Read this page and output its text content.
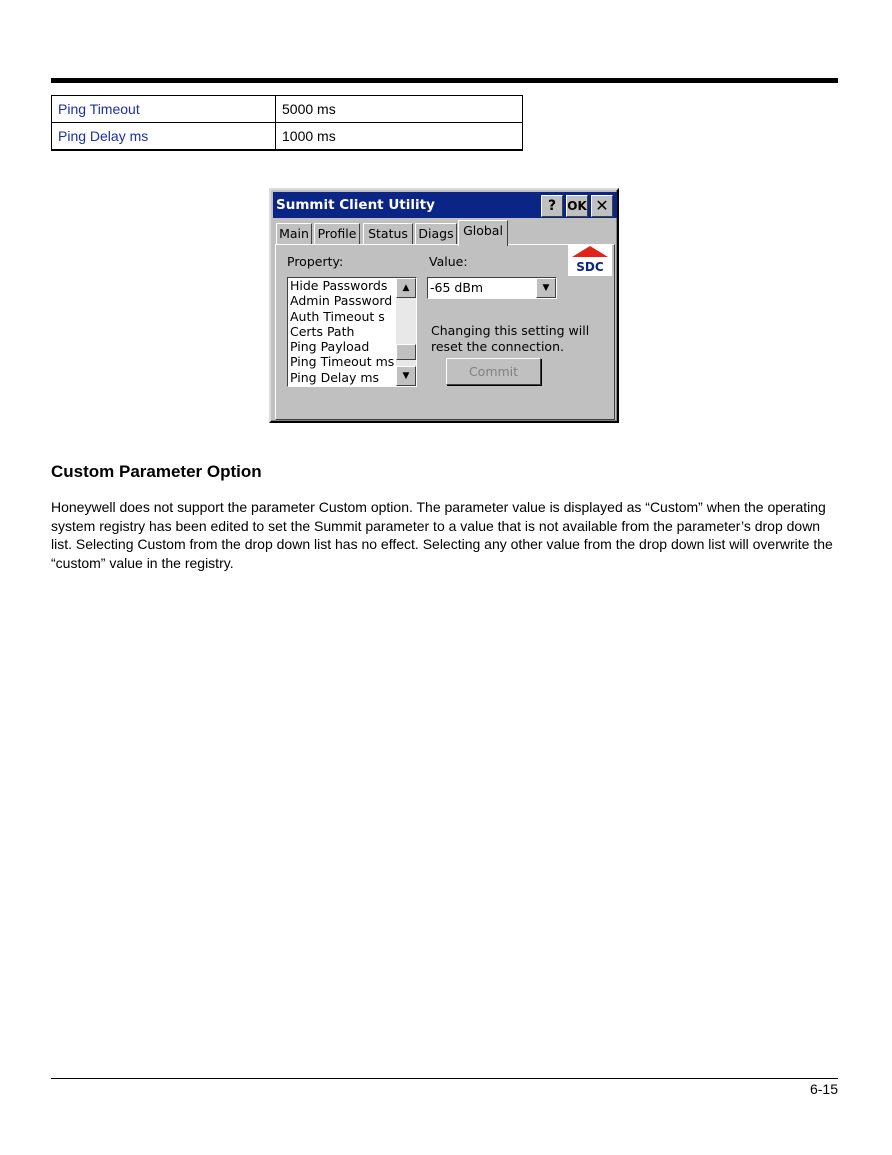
Ping Timeout	5000 ms
Ping Delay ms	1000 ms
Summit Client Utility	? OK ✕
Main Profile Status Diags Global
Property:	Value:	SDC
Hide Passwords
Admin Password
Auth Timeout s
Certs Path
Ping Payload
Ping Timeout ms
Ping Delay ms
▲
▼
-65 dBm	▼
Changing this setting will reset the connection.
Commit
Custom Parameter Option

Honeywell does not support the parameter Custom option. The parameter value is displayed as “Custom” when the operating system registry has been edited to set the Summit parameter to a value that is not available from the parameter’s drop down list. Selecting Custom from the drop down list has no effect. Selecting any other value from the drop down list will overwrite the “custom” value in the registry.

6-15
